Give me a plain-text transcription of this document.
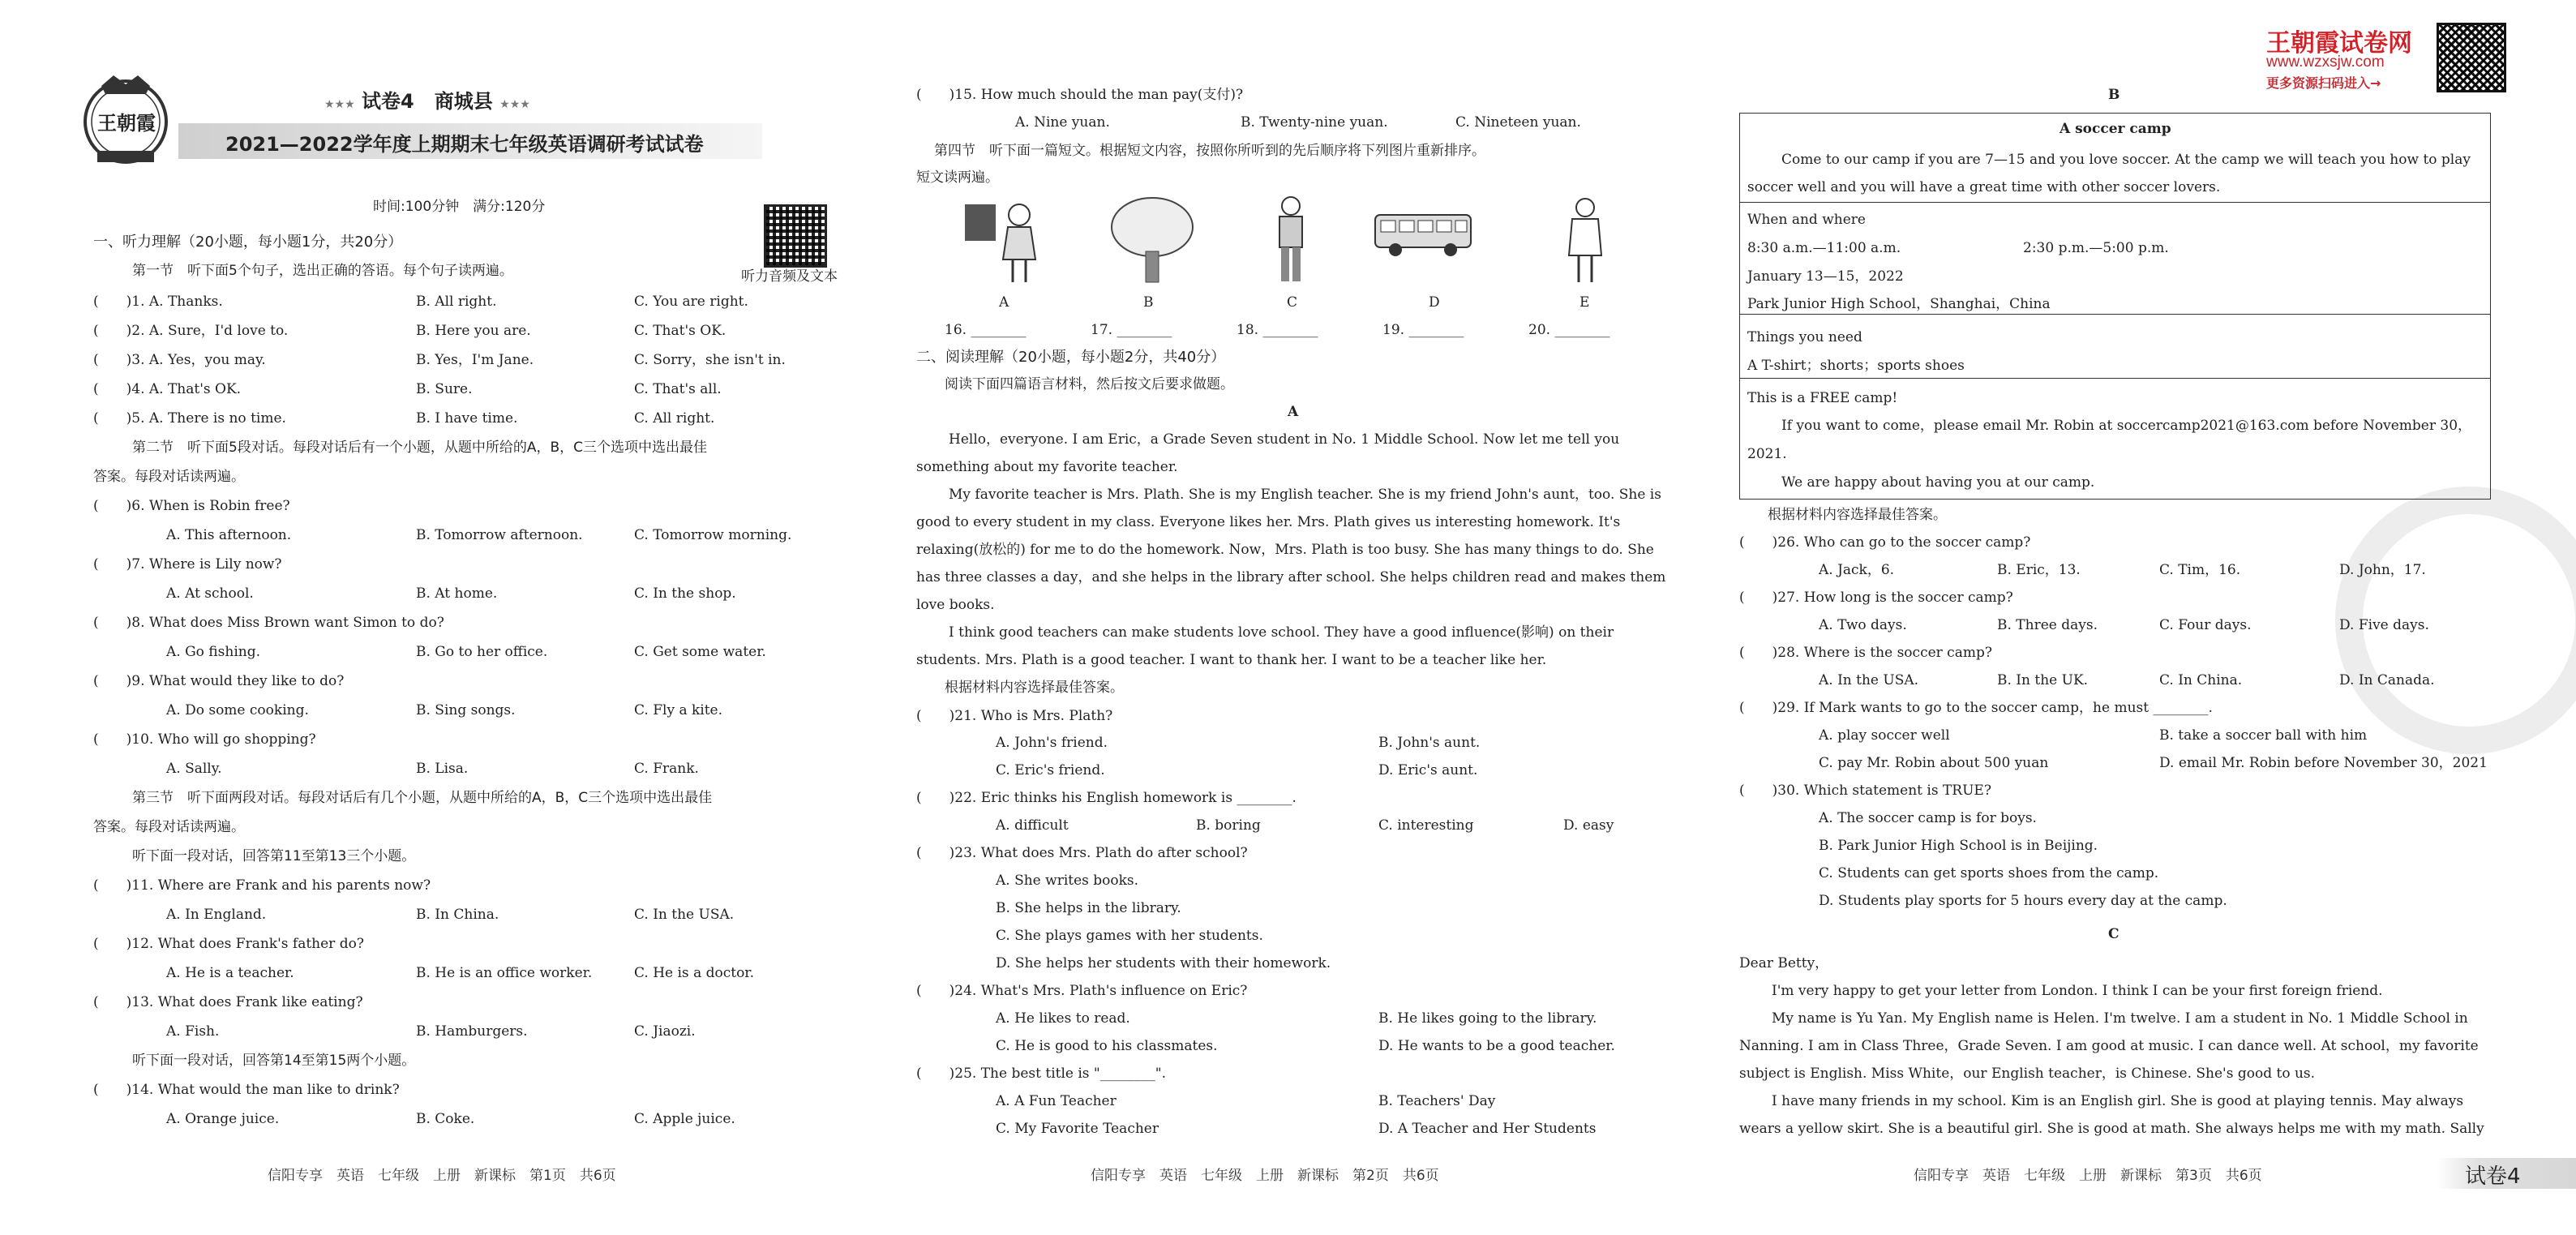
王朝霞
★★★ 试卷4 商城县 ★★★
2021—2022学年度上期期末七年级英语调研考试试卷
时间:100分钟　满分:120分
听力音频及文本
一、听力理解（20小题，每小题1分，共20分）
第一节　听下面5个句子，选出正确的答语。每个句子读两遍。
(　　)1. A. Thanks.	B. All right.	C. You are right.
(　　)2. A. Sure，I'd love to.	B. Here you are.	C. That's OK.
(　　)3. A. Yes，you may.	B. Yes，I'm Jane.	C. Sorry，she isn't in.
(　　)4. A. That's OK.	B. Sure.	C. That's all.
(　　)5. A. There is no time.	B. I have time.	C. All right.
第二节　听下面5段对话。每段对话后有一个小题，从题中所给的A，B，C三个选项中选出最佳
答案。每段对话读两遍。
(　　)6. When is Robin free?
A. This afternoon.	B. Tomorrow afternoon.	C. Tomorrow morning.
(　　)7. Where is Lily now?
A. At school.	B. At home.	C. In the shop.
(　　)8. What does Miss Brown want Simon to do?
A. Go fishing.	B. Go to her office.	C. Get some water.
(　　)9. What would they like to do?
A. Do some cooking.	B. Sing songs.	C. Fly a kite.
(　　)10. Who will go shopping?
A. Sally.	B. Lisa.	C. Frank.
第三节　听下面两段对话。每段对话后有几个小题，从题中所给的A，B，C三个选项中选出最佳
答案。每段对话读两遍。
听下面一段对话，回答第11至第13三个小题。
(　　)11. Where are Frank and his parents now?
A. In England.	B. In China.	C. In the USA.
(　　)12. What does Frank's father do?
A. He is a teacher.	B. He is an office worker.	C. He is a doctor.
(　　)13. What does Frank like eating?
A. Fish.	B. Hamburgers.	C. Jiaozi.
听下面一段对话，回答第14至第15两个小题。
(　　)14. What would the man like to drink?
A. Orange juice.	B. Coke.	C. Apple juice.
(　　)15. How much should the man pay(支付)?
A. Nine yuan.	B. Twenty-nine yuan.	C. Nineteen yuan.
第四节　听下面一篇短文。根据短文内容，按照你所听到的先后顺序将下列图片重新排序。
短文读两遍。
A	B	C	D	E
16. ________	17. ________	18. ________	19. ________	20. ________
二、阅读理解（20小题，每小题2分，共40分）
阅读下面四篇语言材料，然后按文后要求做题。
A
Hello，everyone. I am Eric，a Grade Seven student in No. 1 Middle School. Now let me tell you
something about my favorite teacher.
My favorite teacher is Mrs. Plath. She is my English teacher. She is my friend John's aunt，too. She is
good to every student in my class. Everyone likes her. Mrs. Plath gives us interesting homework. It's
relaxing(放松的) for me to do the homework. Now，Mrs. Plath is too busy. She has many things to do. She
has three classes a day，and she helps in the library after school. She helps children read and makes them
love books.
I think good teachers can make students love school. They have a good influence(影响) on their
students. Mrs. Plath is a good teacher. I want to thank her. I want to be a teacher like her.
根据材料内容选择最佳答案。
(　　)21. Who is Mrs. Plath?
A. John's friend.	B. John's aunt.
C. Eric's friend.	D. Eric's aunt.
(　　)22. Eric thinks his English homework is ________.
A. difficult	B. boring	C. interesting	D. easy
(　　)23. What does Mrs. Plath do after school?
A. She writes books.
B. She helps in the library.
C. She plays games with her students.
D. She helps her students with their homework.
(　　)24. What's Mrs. Plath's influence on Eric?
A. He likes to read.	B. He likes going to the library.
C. He is good to his classmates.	D. He wants to be a good teacher.
(　　)25. The best title is "________".
A. A Fun Teacher	B. Teachers' Day
C. My Favorite Teacher	D. A Teacher and Her Students
王朝霞试卷网
www.wzxsjw.com
更多资源扫码进入→
B
A soccer camp
Come to our camp if you are 7—15 and you love soccer. At the camp we will teach you how to play
soccer well and you will have a great time with other soccer lovers.
When and where
8:30 a.m.—11:00 a.m.	2:30 p.m.—5:00 p.m.
January 13—15，2022
Park Junior High School，Shanghai，China
Things you need
A T-shirt；shorts；sports shoes
This is a FREE camp!
If you want to come，please email Mr. Robin at soccercamp2021@163.com before November 30，
2021.
We are happy about having you at our camp.
根据材料内容选择最佳答案。
(　　)26. Who can go to the soccer camp?
A. Jack，6.	B. Eric，13.	C. Tim，16.	D. John，17.
(　　)27. How long is the soccer camp?
A. Two days.	B. Three days.	C. Four days.	D. Five days.
(　　)28. Where is the soccer camp?
A. In the USA.	B. In the UK.	C. In China.	D. In Canada.
(　　)29. If Mark wants to go to the soccer camp，he must ________.
A. play soccer well	B. take a soccer ball with him
C. pay Mr. Robin about 500 yuan	D. email Mr. Robin before November 30，2021
(　　)30. Which statement is TRUE?
A. The soccer camp is for boys.
B. Park Junior High School is in Beijing.
C. Students can get sports shoes from the camp.
D. Students play sports for 5 hours every day at the camp.
C
Dear Betty，
I'm very happy to get your letter from London. I think I can be your first foreign friend.
My name is Yu Yan. My English name is Helen. I'm twelve. I am a student in No. 1 Middle School in
Nanning. I am in Class Three，Grade Seven. I am good at music. I can dance well. At school，my favorite
subject is English. Miss White，our English teacher，is Chinese. She's good to us.
I have many friends in my school. Kim is an English girl. She is good at playing tennis. May always
wears a yellow skirt. She is a beautiful girl. She is good at math. She always helps me with my math. Sally
信阳专享　英语　七年级　上册　新课标　第1页　共6页	信阳专享　英语　七年级　上册　新课标　第2页　共6页	信阳专享　英语　七年级　上册　新课标　第3页　共6页	试卷4
